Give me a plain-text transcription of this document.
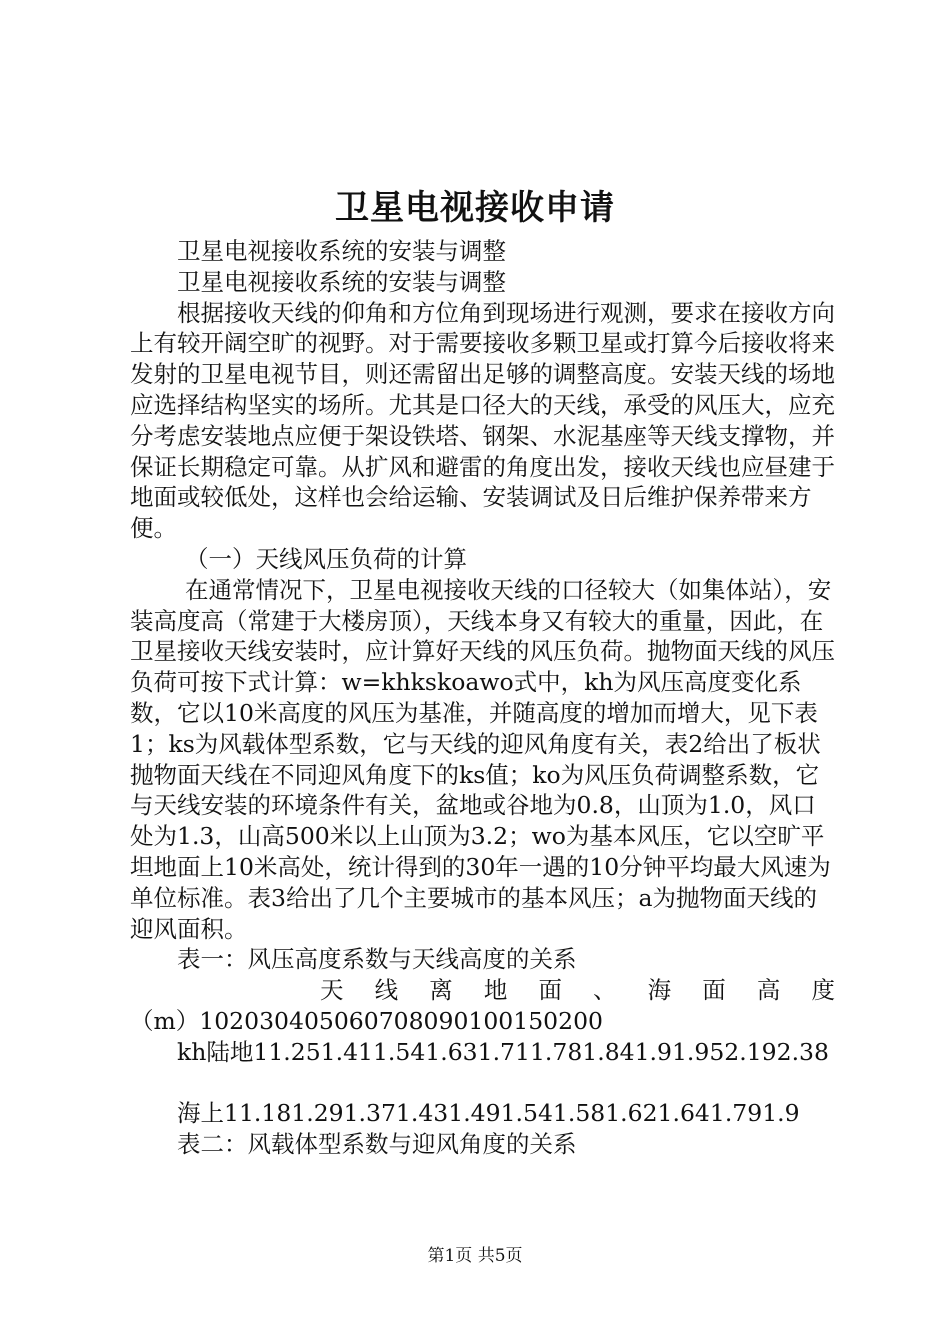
卫星电视接收申请

卫星电视接收系统的安装与调整

卫星电视接收系统的安装与调整

根据接收天线的仰角和方位角到现场进行观测，要求在接收方向上有较开阔空旷的视野。对于需要接收多颗卫星或打算今后接收将来发射的卫星电视节目，则还需留出足够的调整高度。安装天线的场地应选择结构坚实的场所。尤其是口径大的天线，承受的风压大，应充分考虑安装地点应便于架设铁塔、钢架、水泥基座等天线支撑物，并保证长期稳定可靠。从扩风和避雷的角度出发，接收天线也应昼建于地面或较低处，这样也会给运输、安装调试及日后维护保养带来方便。

（一）天线风压负荷的计算

在通常情况下，卫星电视接收天线的口径较大（如集体站），安装高度高（常建于大楼房顶），天线本身又有较大的重量，因此，在卫星接收天线安装时，应计算好天线的风压负荷。抛物面天线的风压负荷可按下式计算：w=khkskoawo式中，kh为风压高度变化系数，它以10米高度的风压为基准，并随高度的增加而增大，见下表1；ks为风载体型系数，它与天线的迎风角度有关，表2给出了板状抛物面天线在不同迎风角度下的ks值；ko为风压负荷调整系数，它与天线安装的环境条件有关，盆地或谷地为0.8，山顶为1.0，风口处为1.3，山高500米以上山顶为3.2；wo为基本风压，它以空旷平坦地面上10米高处，统计得到的30年一遇的10分钟平均最大风速为单位标准。表3给出了几个主要城市的基本风压；a为抛物面天线的迎风面积。

表一：风压高度系数与天线高度的关系

天线离地面、海面高度

（m）102030405060708090100150200

kh陆地11.251.411.541.631.711.781.841.91.952.192.38

海上11.181.291.371.431.491.541.581.621.641.791.9

表二：风载体型系数与迎风角度的关系

第1页 共5页
